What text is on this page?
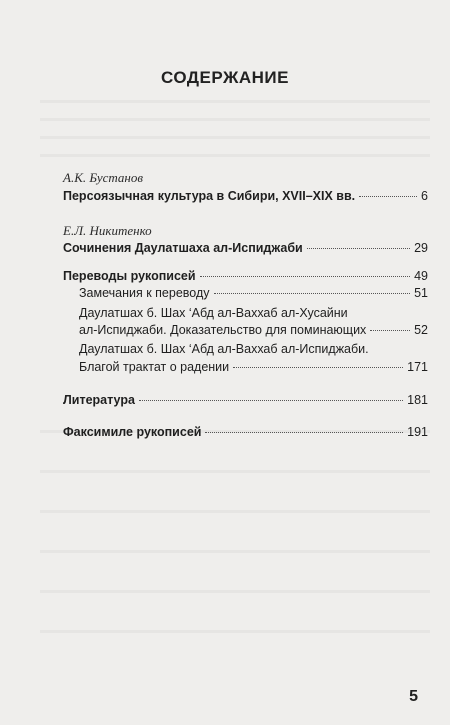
СОДЕРЖАНИЕ
А.К. Бустанов
Персоязычная культура в Сибири, XVII–XIX вв.	6
Е.Л. Никитенко
Сочинения Даулатшаха ал-Испиджаби	29
Переводы рукописей	49
Замечания к переводу	51
Даулатшах б. Шах ‘Абд ал-Ваххаб ал-Хусайни
ал-Испиджаби. Доказательство для поминающих	52
Даулатшах б. Шах ‘Абд ал-Ваххаб ал-Испиджаби.
Благой трактат о радении	171
Литература	181
Факсимиле рукописей	191
5
